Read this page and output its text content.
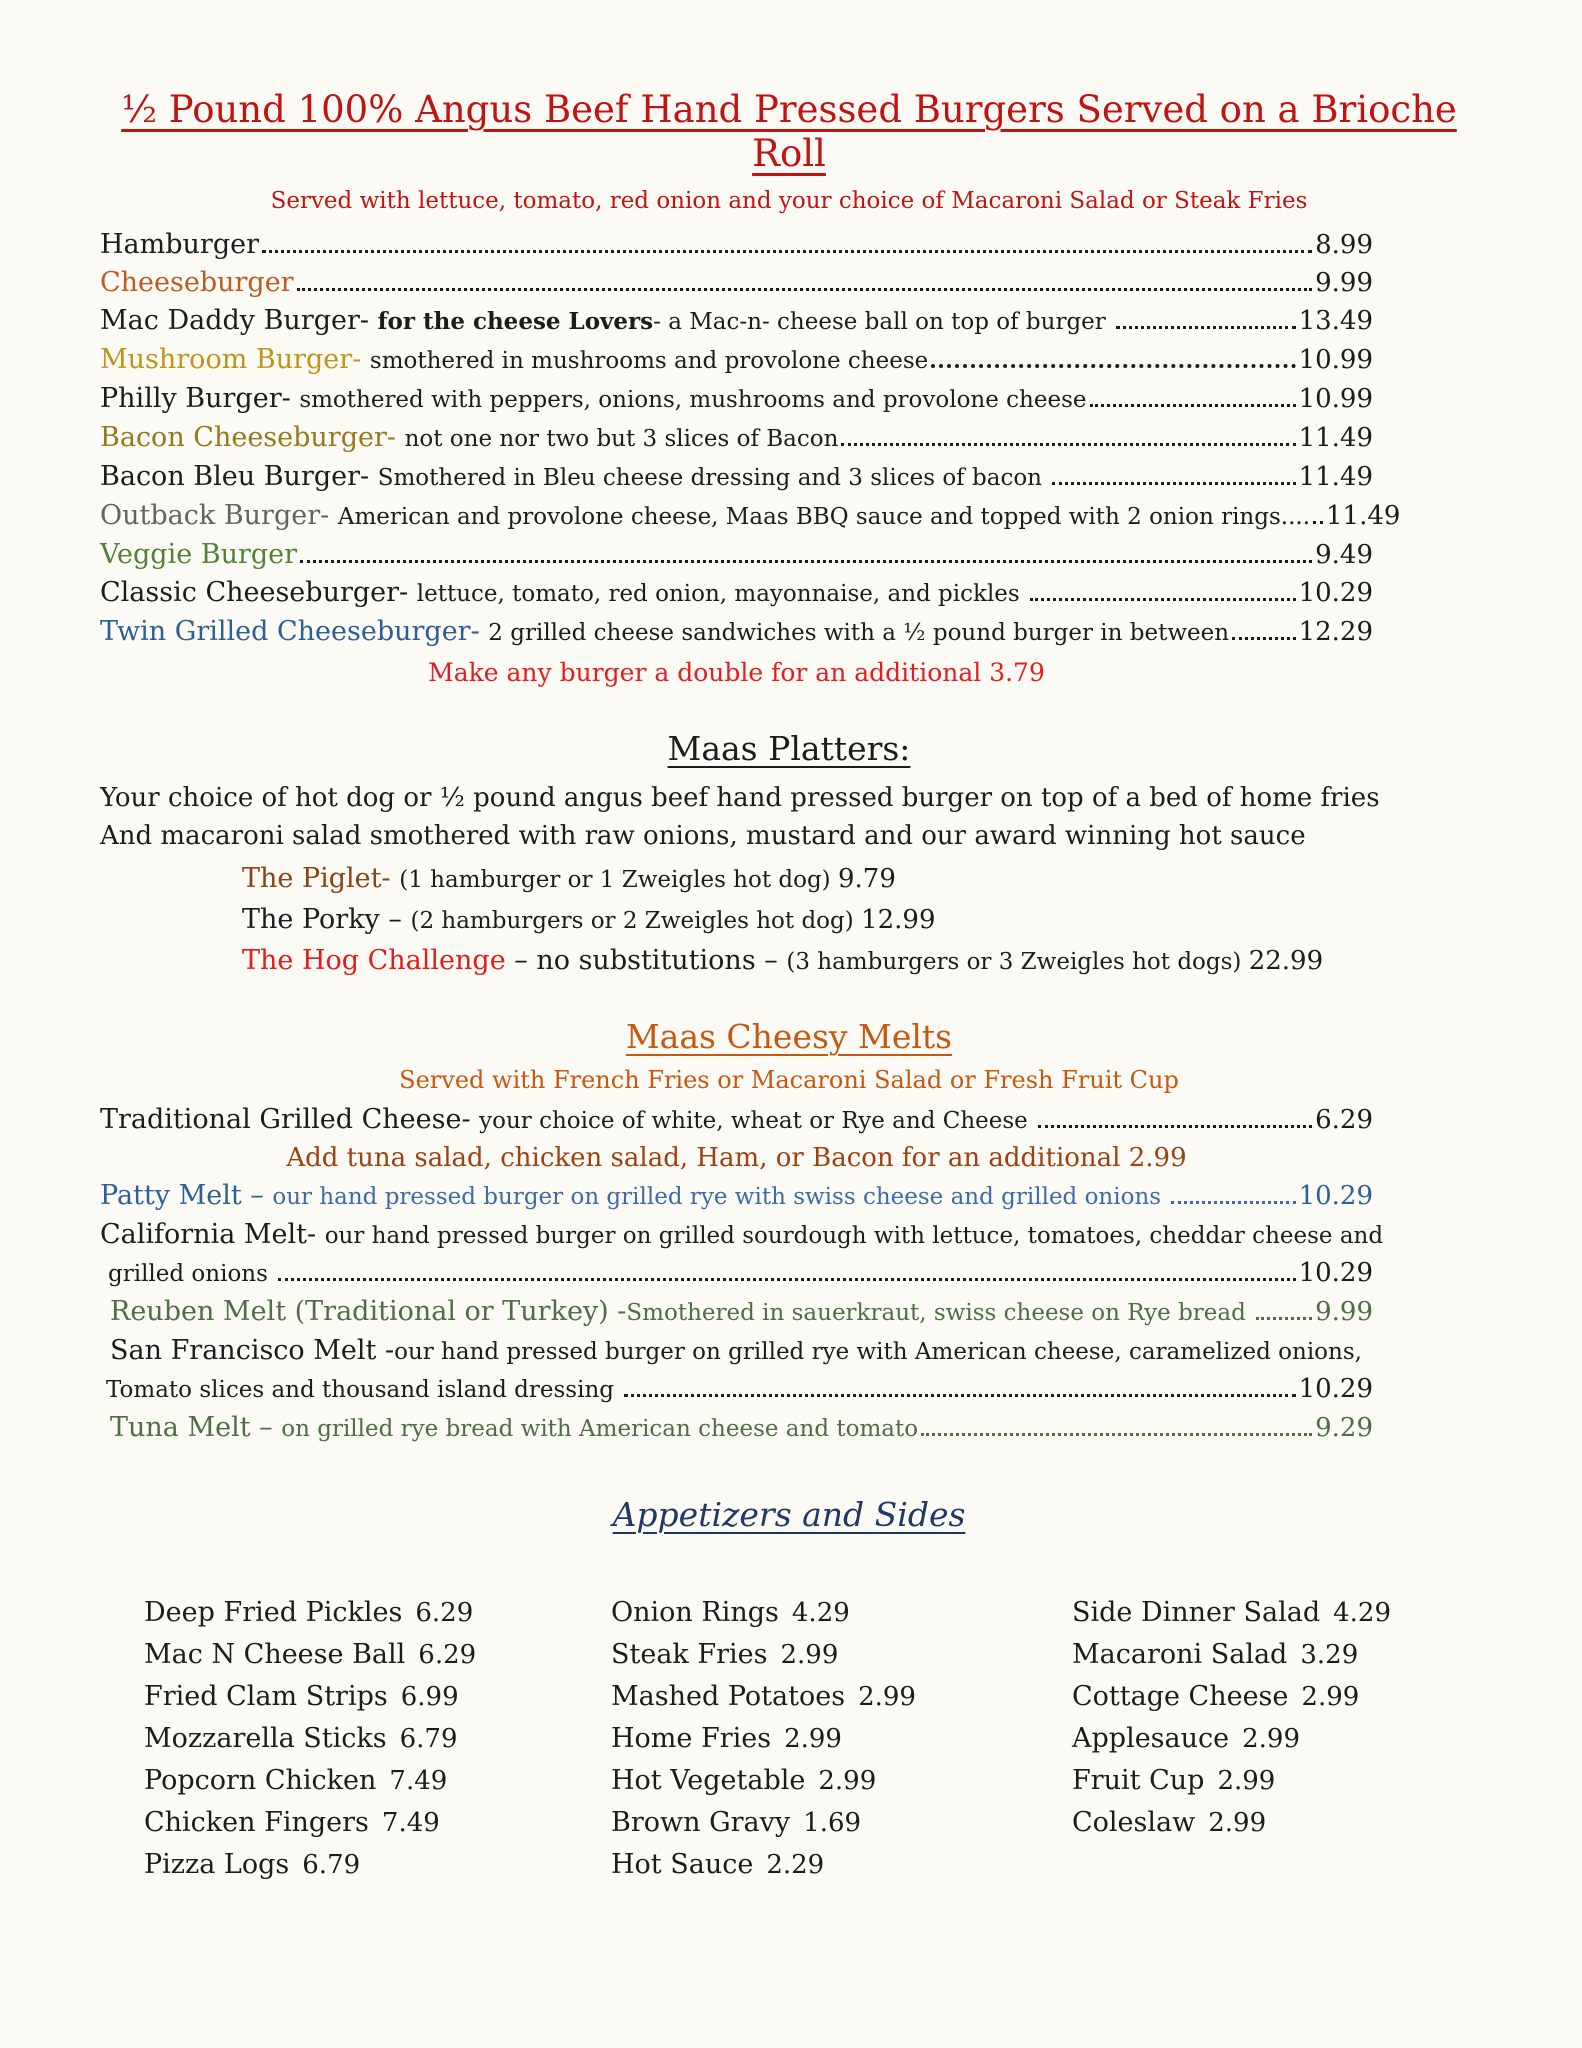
½ Pound 100% Angus Beef Hand Pressed Burgers Served on a Brioche Roll
Served with lettuce, tomato, red onion and your choice of Macaroni Salad or Steak Fries
Hamburger	8.99
Cheeseburger	9.99
Mac Daddy Burger- for the cheese Lovers - a Mac-n- cheese ball on top of burger	13.49
Mushroom Burger- smothered in mushrooms and provolone cheese	10.99
Philly Burger- smothered with peppers, onions, mushrooms and provolone cheese	10.99
Bacon Cheeseburger- not one nor two but 3 slices of Bacon	11.49
Bacon Bleu Burger- Smothered in Bleu cheese dressing and 3 slices of bacon	11.49
Outback Burger- American and provolone cheese, Maas BBQ sauce and topped with 2 onion rings.... 11.49
Veggie Burger	9.49
Classic Cheeseburger- lettuce, tomato, red onion, mayonnaise, and pickles	10.29
Twin Grilled Cheeseburger- 2 grilled cheese sandwiches with a ½ pound burger in between	12.29
Make any burger a double for an additional 3.79
Maas Platters:
Your choice of hot dog or ½ pound angus beef hand pressed burger on top of a bed of home fries
And macaroni salad smothered with raw onions, mustard and our award winning hot sauce
The Piglet- (1 hamburger or 1 Zweigles hot dog) 9.79
The Porky – (2 hamburgers or 2 Zweigles hot dog) 12.99
The Hog Challenge – no substitutions – (3 hamburgers or 3 Zweigles hot dogs) 22.99
Maas Cheesy Melts
Served with French Fries or Macaroni Salad or Fresh Fruit Cup
Traditional Grilled Cheese- your choice of white, wheat or Rye and Cheese	6.29
Add tuna salad, chicken salad, Ham, or Bacon for an additional 2.99
Patty Melt – our hand pressed burger on grilled rye with swiss cheese and grilled onions	10.29
California Melt- our hand pressed burger on grilled sourdough with lettuce, tomatoes, cheddar cheese and
grilled onions	10.29
Reuben Melt (Traditional or Turkey) - Smothered in sauerkraut, swiss cheese on Rye bread 9.99
San Francisco Melt - our hand pressed burger on grilled rye with American cheese, caramelized onions,
Tomato slices and thousand island dressing	10.29
Tuna Melt – on grilled rye bread with American cheese and tomato	9.29
Appetizers and Sides
Deep Fried Pickles 6.29
Mac N Cheese Ball 6.29
Fried Clam Strips 6.99
Mozzarella Sticks 6.79
Popcorn Chicken 7.49
Chicken Fingers 7.49
Pizza Logs 6.79
Onion Rings 4.29
Steak Fries 2.99
Mashed Potatoes 2.99
Home Fries 2.99
Hot Vegetable 2.99
Brown Gravy 1.69
Hot Sauce 2.29
Side Dinner Salad 4.29
Macaroni Salad 3.29
Cottage Cheese 2.99
Applesauce 2.99
Fruit Cup 2.99
Coleslaw 2.99
